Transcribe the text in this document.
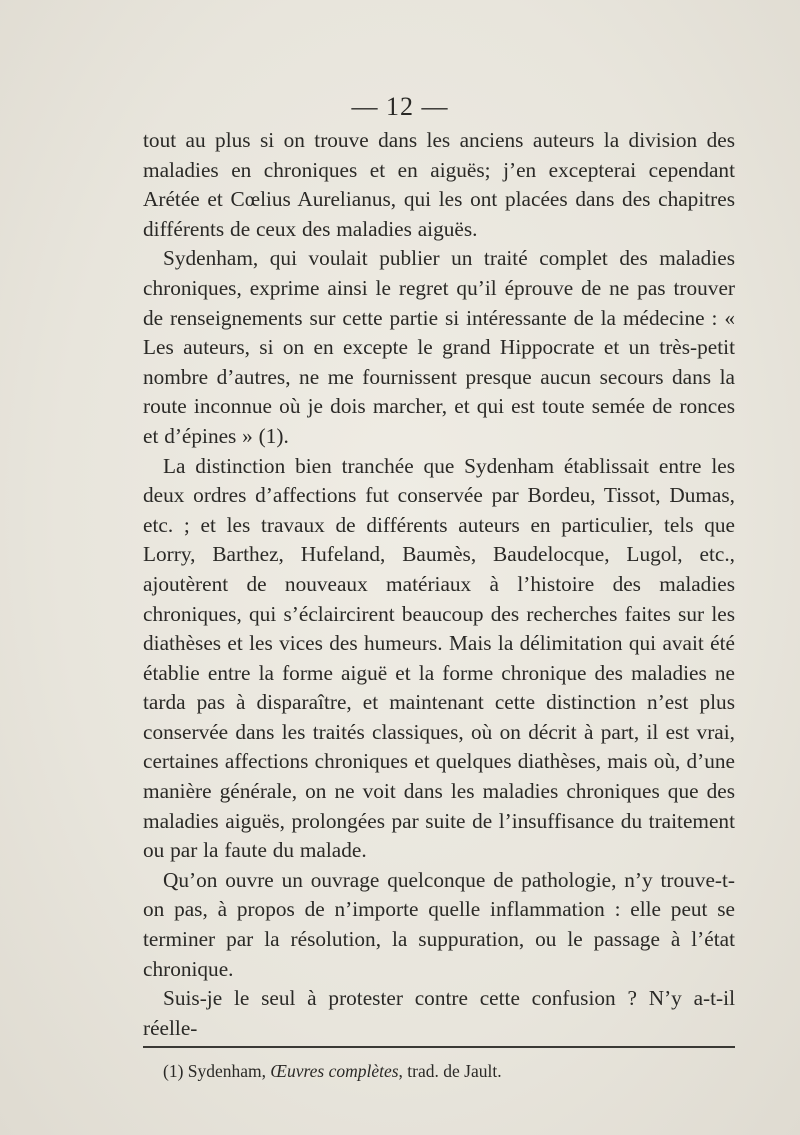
— 12 —

tout au plus si on trouve dans les anciens auteurs la division des maladies en chroniques et en aiguës; j’en excepterai cependant Arétée et Cœlius Aurelianus, qui les ont placées dans des chapitres différents de ceux des maladies aiguës.

Sydenham, qui voulait publier un traité complet des maladies chroniques, exprime ainsi le regret qu’il éprouve de ne pas trouver de renseignements sur cette partie si intéressante de la médecine : « Les auteurs, si on en excepte le grand Hippocrate et un très-petit nombre d’autres, ne me fournissent presque aucun secours dans la route inconnue où je dois marcher, et qui est toute semée de ronces et d’épines » (1).

La distinction bien tranchée que Sydenham établissait entre les deux ordres d’affections fut conservée par Bordeu, Tissot, Dumas, etc. ; et les travaux de différents auteurs en particulier, tels que Lorry, Barthez, Hufeland, Baumès, Baudelocque, Lugol, etc., ajoutèrent de nouveaux matériaux à l’histoire des maladies chroniques, qui s’éclaircirent beaucoup des recherches faites sur les diathèses et les vices des humeurs. Mais la délimitation qui avait été établie entre la forme aiguë et la forme chronique des maladies ne tarda pas à disparaître, et maintenant cette distinction n’est plus conservée dans les traités classiques, où on décrit à part, il est vrai, certaines affections chroniques et quelques diathèses, mais où, d’une manière générale, on ne voit dans les maladies chroniques que des maladies aiguës, prolongées par suite de l’insuffisance du traitement ou par la faute du malade.

Qu’on ouvre un ouvrage quelconque de pathologie, n’y trouve-t-on pas, à propos de n’importe quelle inflammation : elle peut se terminer par la résolution, la suppuration, ou le passage à l’état chronique.

Suis-je le seul à protester contre cette confusion ? N’y a-t-il réelle-

(1) Sydenham, Œuvres complètes, trad. de Jault.
